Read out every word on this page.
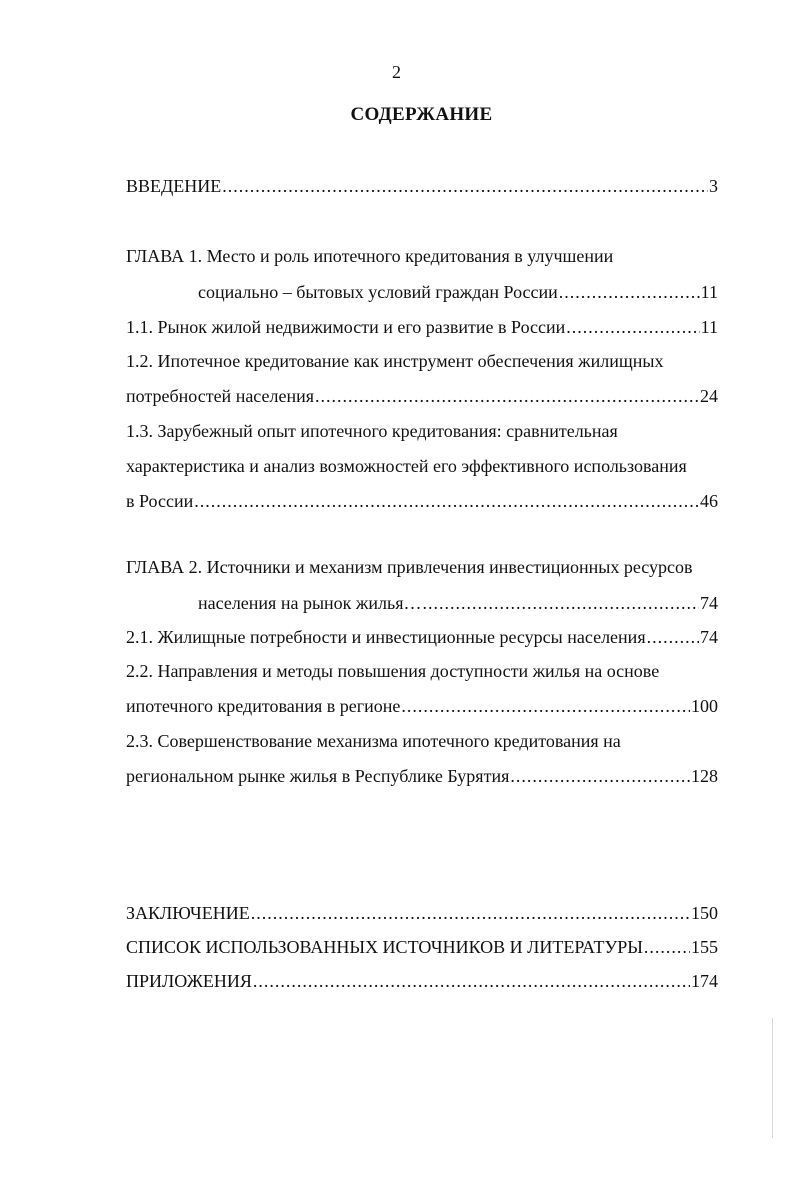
2
СОДЕРЖАНИЕ
ВВЕДЕНИЕ .....	3
ГЛАВА 1. Место и роль ипотечного кредитования в улучшении
социально – бытовых условий граждан России .....	11
1.1. Рынок жилой недвижимости и его развитие в России .....	11
1.2. Ипотечное кредитование как инструмент обеспечения жилищных
потребностей населения .....	24
1.3. Зарубежный опыт ипотечного кредитования: сравнительная
характеристика и анализ возможностей его эффективного использования
в России .....	46
ГЛАВА 2. Источники и механизм привлечения инвестиционных ресурсов
населения на рынок жилья… .....	74
2.1. Жилищные потребности и инвестиционные ресурсы населения .....	74
2.2. Направления и методы повышения доступности жилья на основе
ипотечного кредитования в регионе .....	100
2.3. Совершенствование механизма ипотечного кредитования на
региональном рынке жилья в Республике Бурятия .....	128
ЗАКЛЮЧЕНИЕ .....	150
СПИСОК ИСПОЛЬЗОВАННЫХ ИСТОЧНИКОВ И ЛИТЕРАТУРЫ .....	155
ПРИЛОЖЕНИЯ .....	174
